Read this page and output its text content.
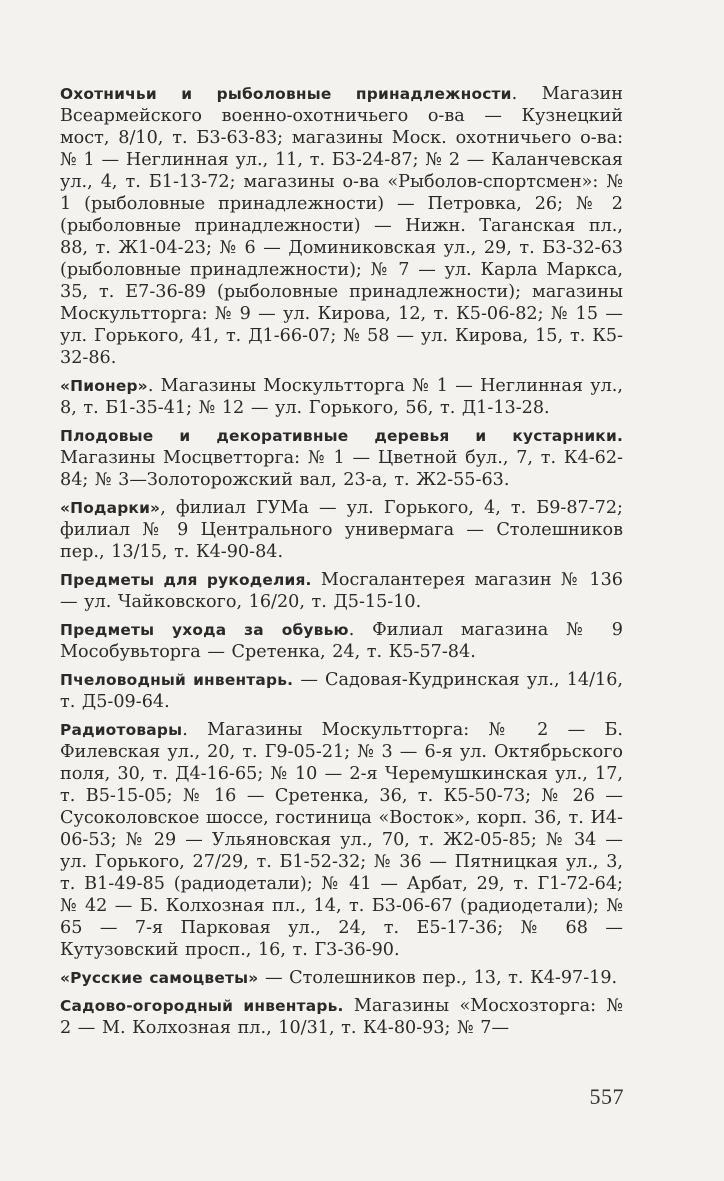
Охотничьи и рыболовные принадлежности. Магазин Всеармейского военно-охотничьего о-ва — Кузнецкий мост, 8/10, т. Б3-63-83; магазины Моск. охотничьего о-ва: № 1 — Неглинная ул., 11, т. Б3-24-87; № 2 — Каланчевская ул., 4, т. Б1-13-72; магазины о-ва «Рыболов-спортсмен»: № 1 (рыболовные принадлежности) — Петровка, 26; № 2 (рыболовные принадлежности) — Нижн. Таганская пл., 88, т. Ж1-04-23; № 6 — Доминиковская ул., 29, т. Б3-32-63 (рыболовные принадлежности); № 7 — ул. Карла Маркса, 35, т. Е7-36-89 (рыболовные принадлежности); магазины Москультторга: № 9 — ул. Кирова, 12, т. К5-06-82; № 15 — ул. Горького, 41, т. Д1-66-07; № 58 — ул. Кирова, 15, т. К5-32-86.

«Пионер». Магазины Москультторга № 1 — Неглинная ул., 8, т. Б1-35-41; № 12 — ул. Горького, 56, т. Д1-13-28.

Плодовые и декоративные деревья и кустарники. Магазины Мосцветторга: № 1 — Цветной бул., 7, т. К4-62-84; № 3—Золоторожский вал, 23-а, т. Ж2-55-63.

«Подарки», филиал ГУМа — ул. Горького, 4, т. Б9-87-72; филиал № 9 Центрального универмага — Столешников пер., 13/15, т. К4-90-84.

Предметы для рукоделия. Мосгалантерея магазин № 136 — ул. Чайковского, 16/20, т. Д5-15-10.

Предметы ухода за обувью. Филиал магазина № 9 Мособувьторга — Сретенка, 24, т. К5-57-84.

Пчеловодный инвентарь. — Садовая-Кудринская ул., 14/16, т. Д5-09-64.

Радиотовары. Магазины Москультторга: № 2 — Б. Филевская ул., 20, т. Г9-05-21; № 3 — 6-я ул. Октябрьского поля, 30, т. Д4-16-65; № 10 — 2-я Черемушкинская ул., 17, т. В5-15-05; № 16 — Сретенка, 36, т. К5-50-73; № 26 — Сусоколовское шоссе, гостиница «Восток», корп. 36, т. И4-06-53; № 29 — Ульяновская ул., 70, т. Ж2-05-85; № 34 — ул. Горького, 27/29, т. Б1-52-32; № 36 — Пятницкая ул., 3, т. В1-49-85 (радиодетали); № 41 — Арбат, 29, т. Г1-72-64; № 42 — Б. Колхозная пл., 14, т. Б3-06-67 (радиодетали); № 65 — 7-я Парковая ул., 24, т. Е5-17-36; № 68 — Кутузовский просп., 16, т. Г3-36-90.

«Русские самоцветы» — Столешников пер., 13, т. К4-97-19.

Садово-огородный инвентарь. Магазины «Мосхозторга: № 2 — М. Колхозная пл., 10/31, т. К4-80-93; № 7—

557
